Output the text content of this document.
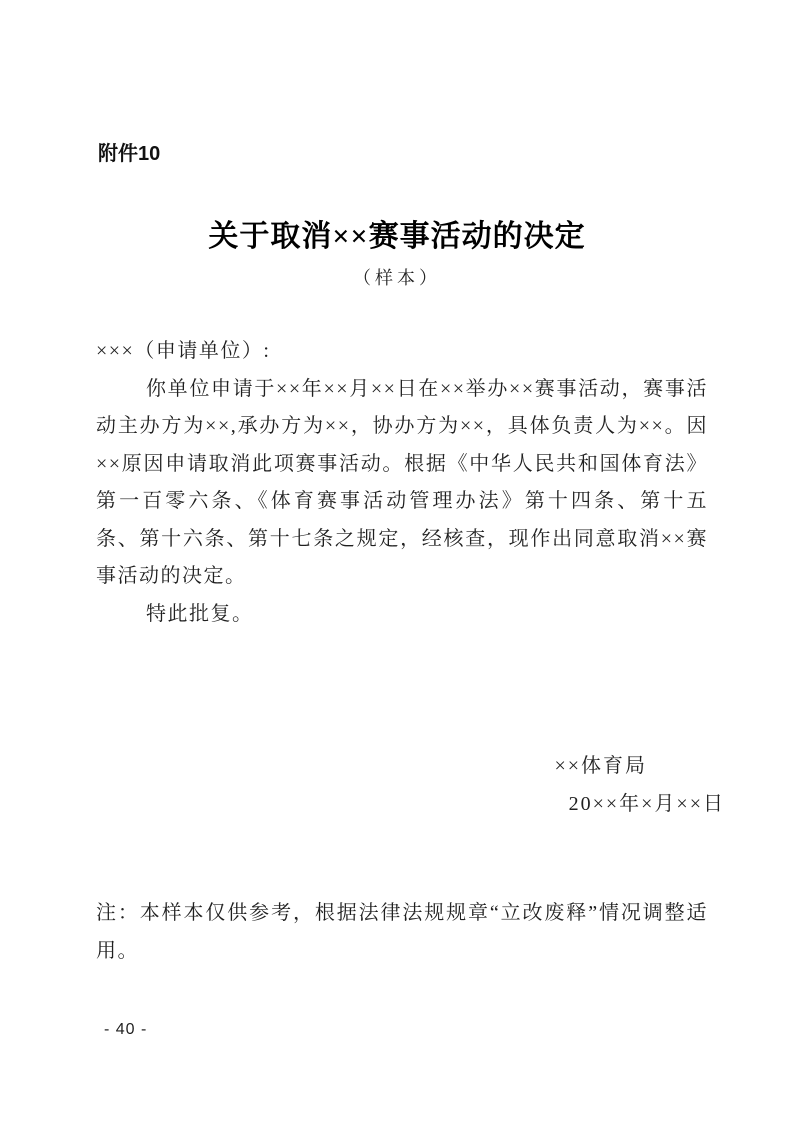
附件10
关于取消××赛事活动的决定
（样本）

×××（申请单位）:

你单位申请于××年××月××日在××举办××赛事活动，赛事活动主办方为××,承办方为××，协办方为××，具体负责人为××。因××原因申请取消此项赛事活动。根据《中华人民共和国体育法》第一百零六条、《体育赛事活动管理办法》第十四条、第十五条、第十六条、第十七条之规定，经核查，现作出同意取消××赛事活动的决定。

特此批复。

××体育局
20××年×月××日
注：本样本仅供参考，根据法律法规规章“立改废释”情况调整适用。
- 40 -
